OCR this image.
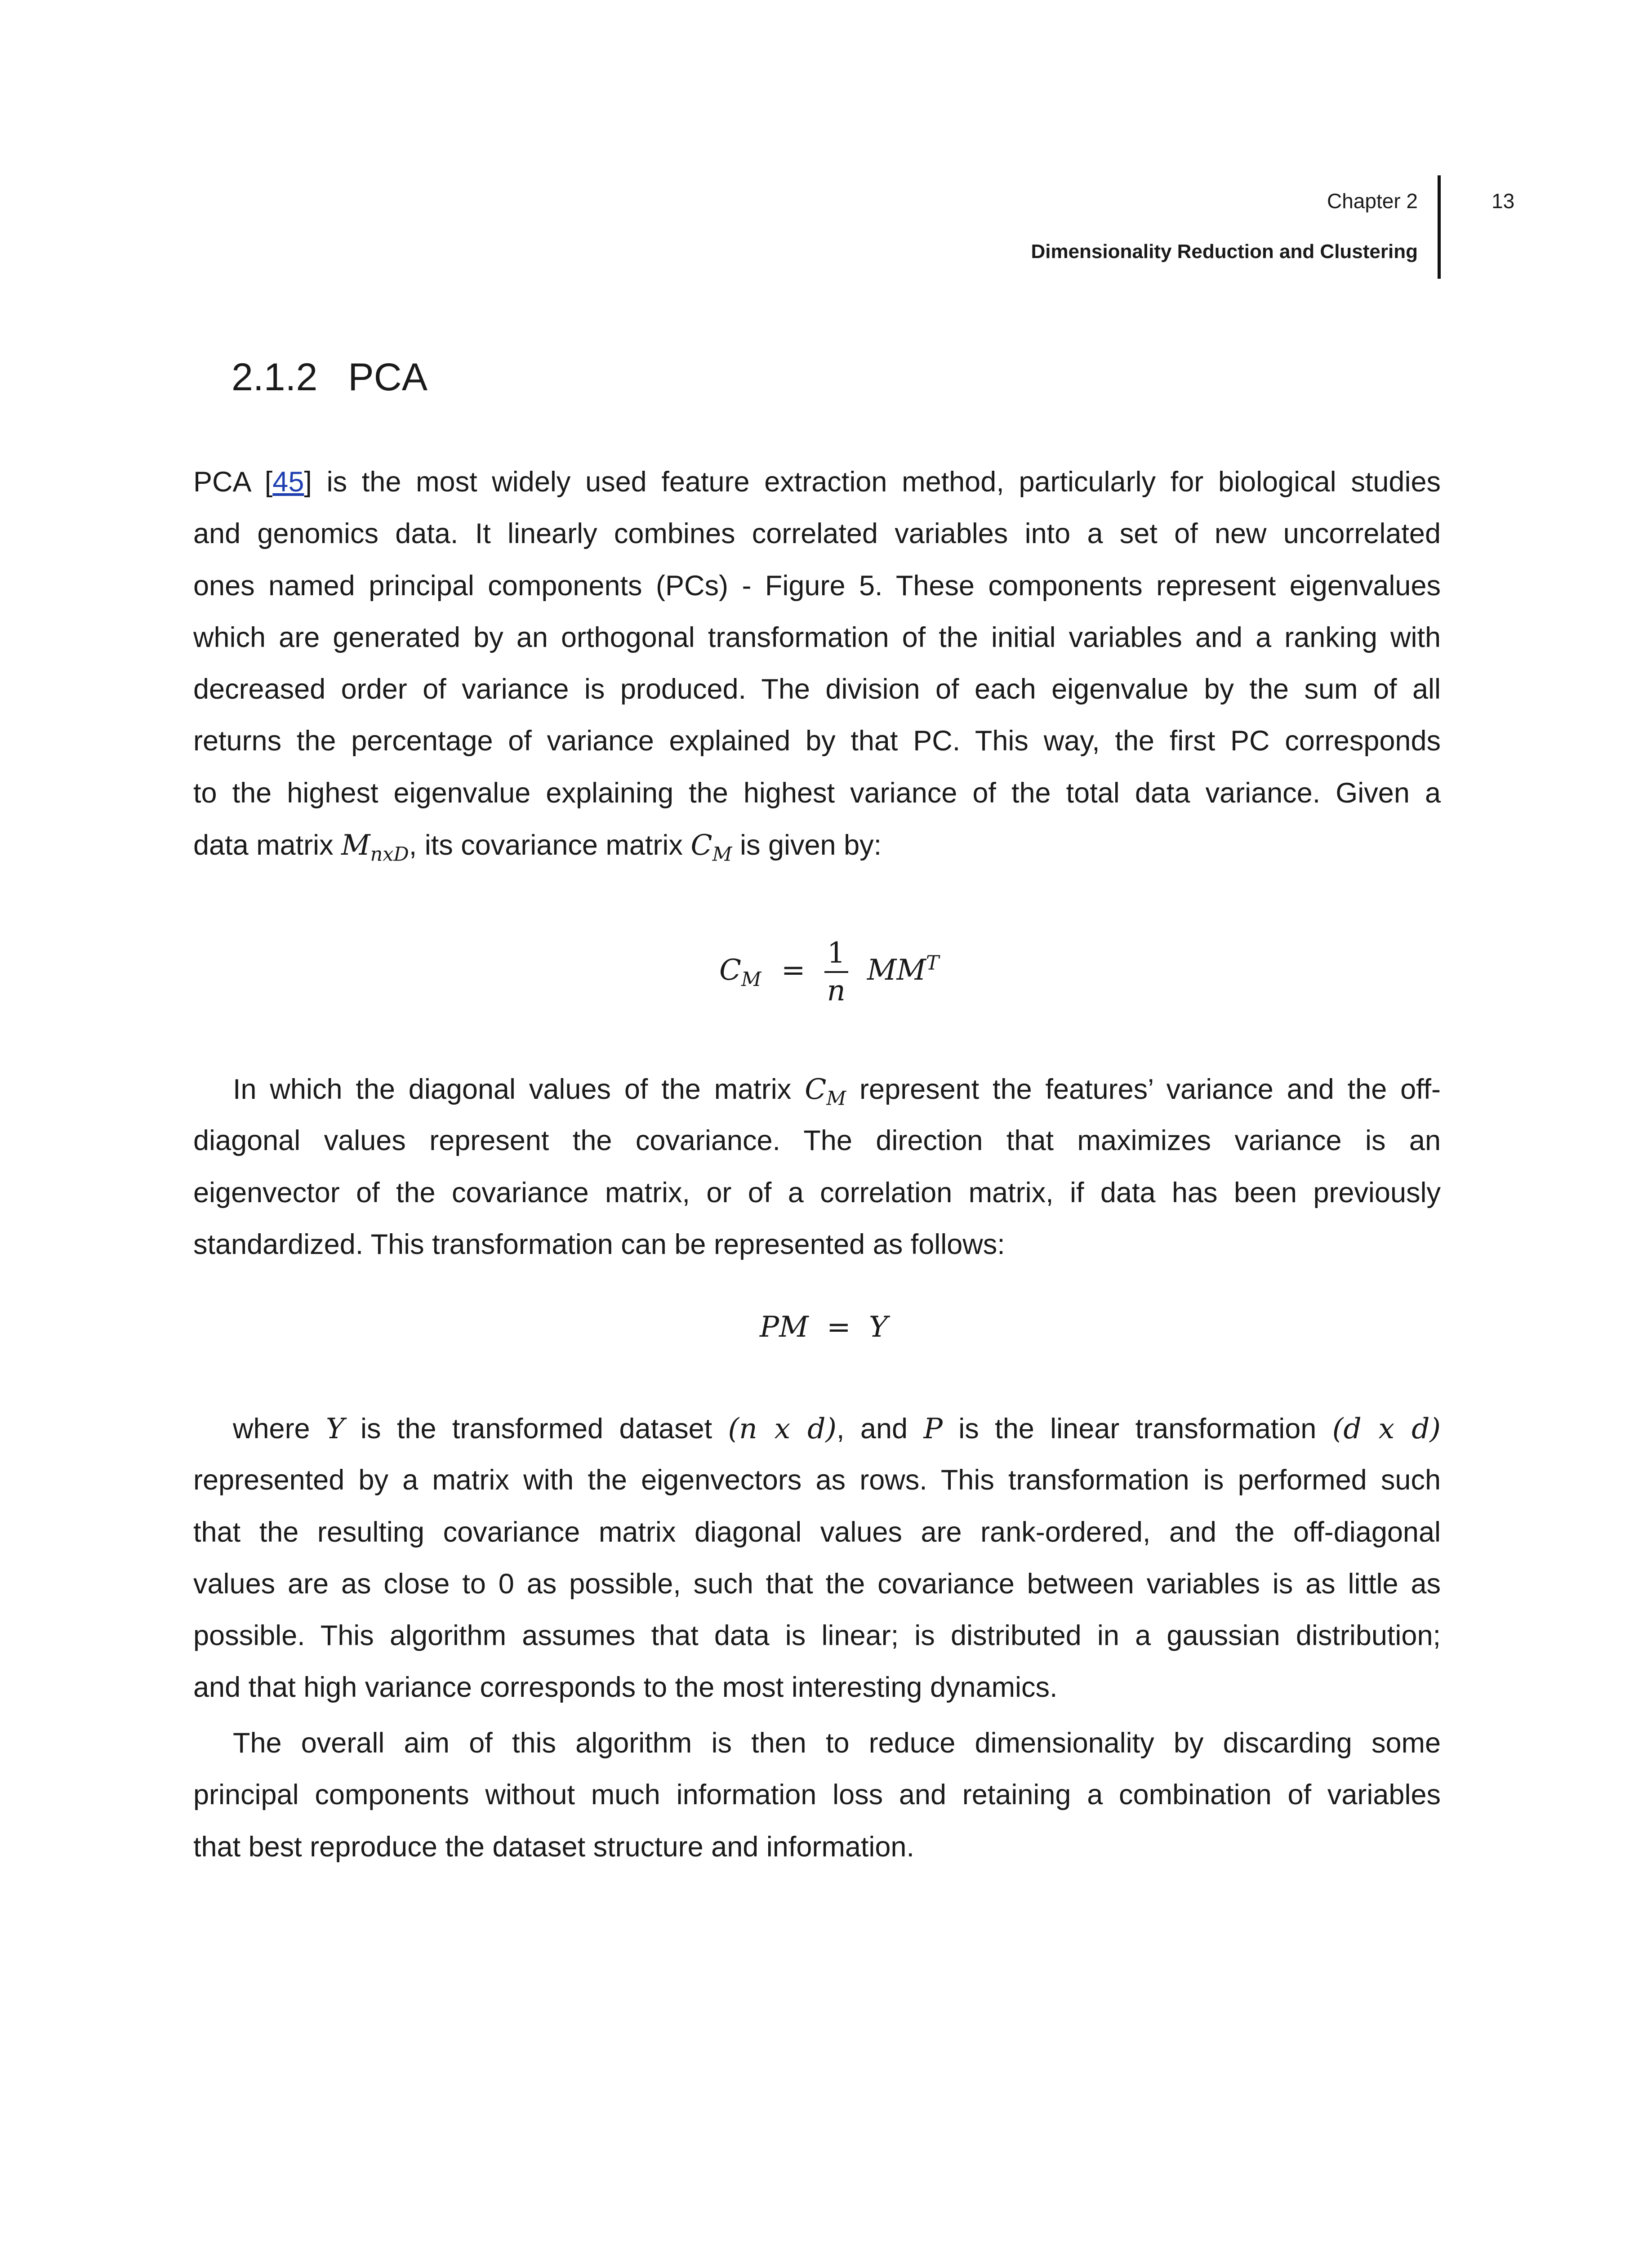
Chapter 2
Dimensionality Reduction and Clustering
13
2.1.2 PCA
PCA [45] is the most widely used feature extraction method, particularly for biological studies
and genomics data. It linearly combines correlated variables into a set of new uncorrelated
ones named principal components (PCs) - Figure 5. These components represent eigenvalues
which are generated by an orthogonal transformation of the initial variables and a ranking with
decreased order of variance is produced. The division of each eigenvalue by the sum of all
returns the percentage of variance explained by that PC. This way, the first PC corresponds
to the highest eigenvalue explaining the highest variance of the total data variance. Given a
data matrix $M_{nxD}$, its covariance matrix $C_M$ is given by:
$C_M = \frac{1}{n} MM^T$
In which the diagonal values of the matrix $C_M$ represent the features’ variance and the off-
diagonal values represent the covariance. The direction that maximizes variance is an
eigenvector of the covariance matrix, or of a correlation matrix, if data has been previously
standardized. This transformation can be represented as follows:
PM = Y
where Y is the transformed dataset (n x d), and P is the linear transformation (d x d)
represented by a matrix with the eigenvectors as rows. This transformation is performed such
that the resulting covariance matrix diagonal values are rank-ordered, and the off-diagonal
values are as close to 0 as possible, such that the covariance between variables is as little as
possible. This algorithm assumes that data is linear; is distributed in a gaussian distribution;
and that high variance corresponds to the most interesting dynamics.
The overall aim of this algorithm is then to reduce dimensionality by discarding some
principal components without much information loss and retaining a combination of variables
that best reproduce the dataset structure and information.
